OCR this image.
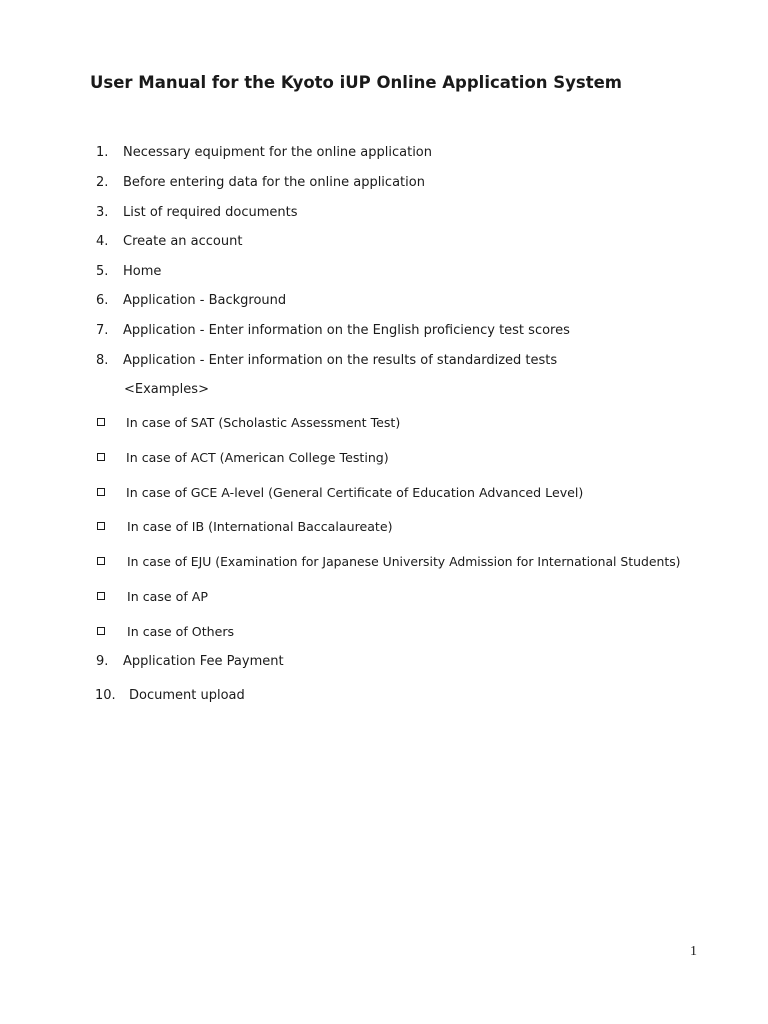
User Manual for the Kyoto iUP Online Application System
1. Necessary equipment for the online application
2. Before entering data for the online application
3. List of required documents
4. Create an account
5. Home
6. Application - Background
7. Application - Enter information on the English proficiency test scores
8. Application - Enter information on the results of standardized tests
<Examples>
In case of SAT (Scholastic Assessment Test)
In case of ACT (American College Testing)
In case of GCE A-level (General Certificate of Education Advanced Level)
In case of IB (International Baccalaureate)
In case of EJU (Examination for Japanese University Admission for International Students)
In case of AP
In case of Others
9. Application Fee Payment
10. Document upload
1
